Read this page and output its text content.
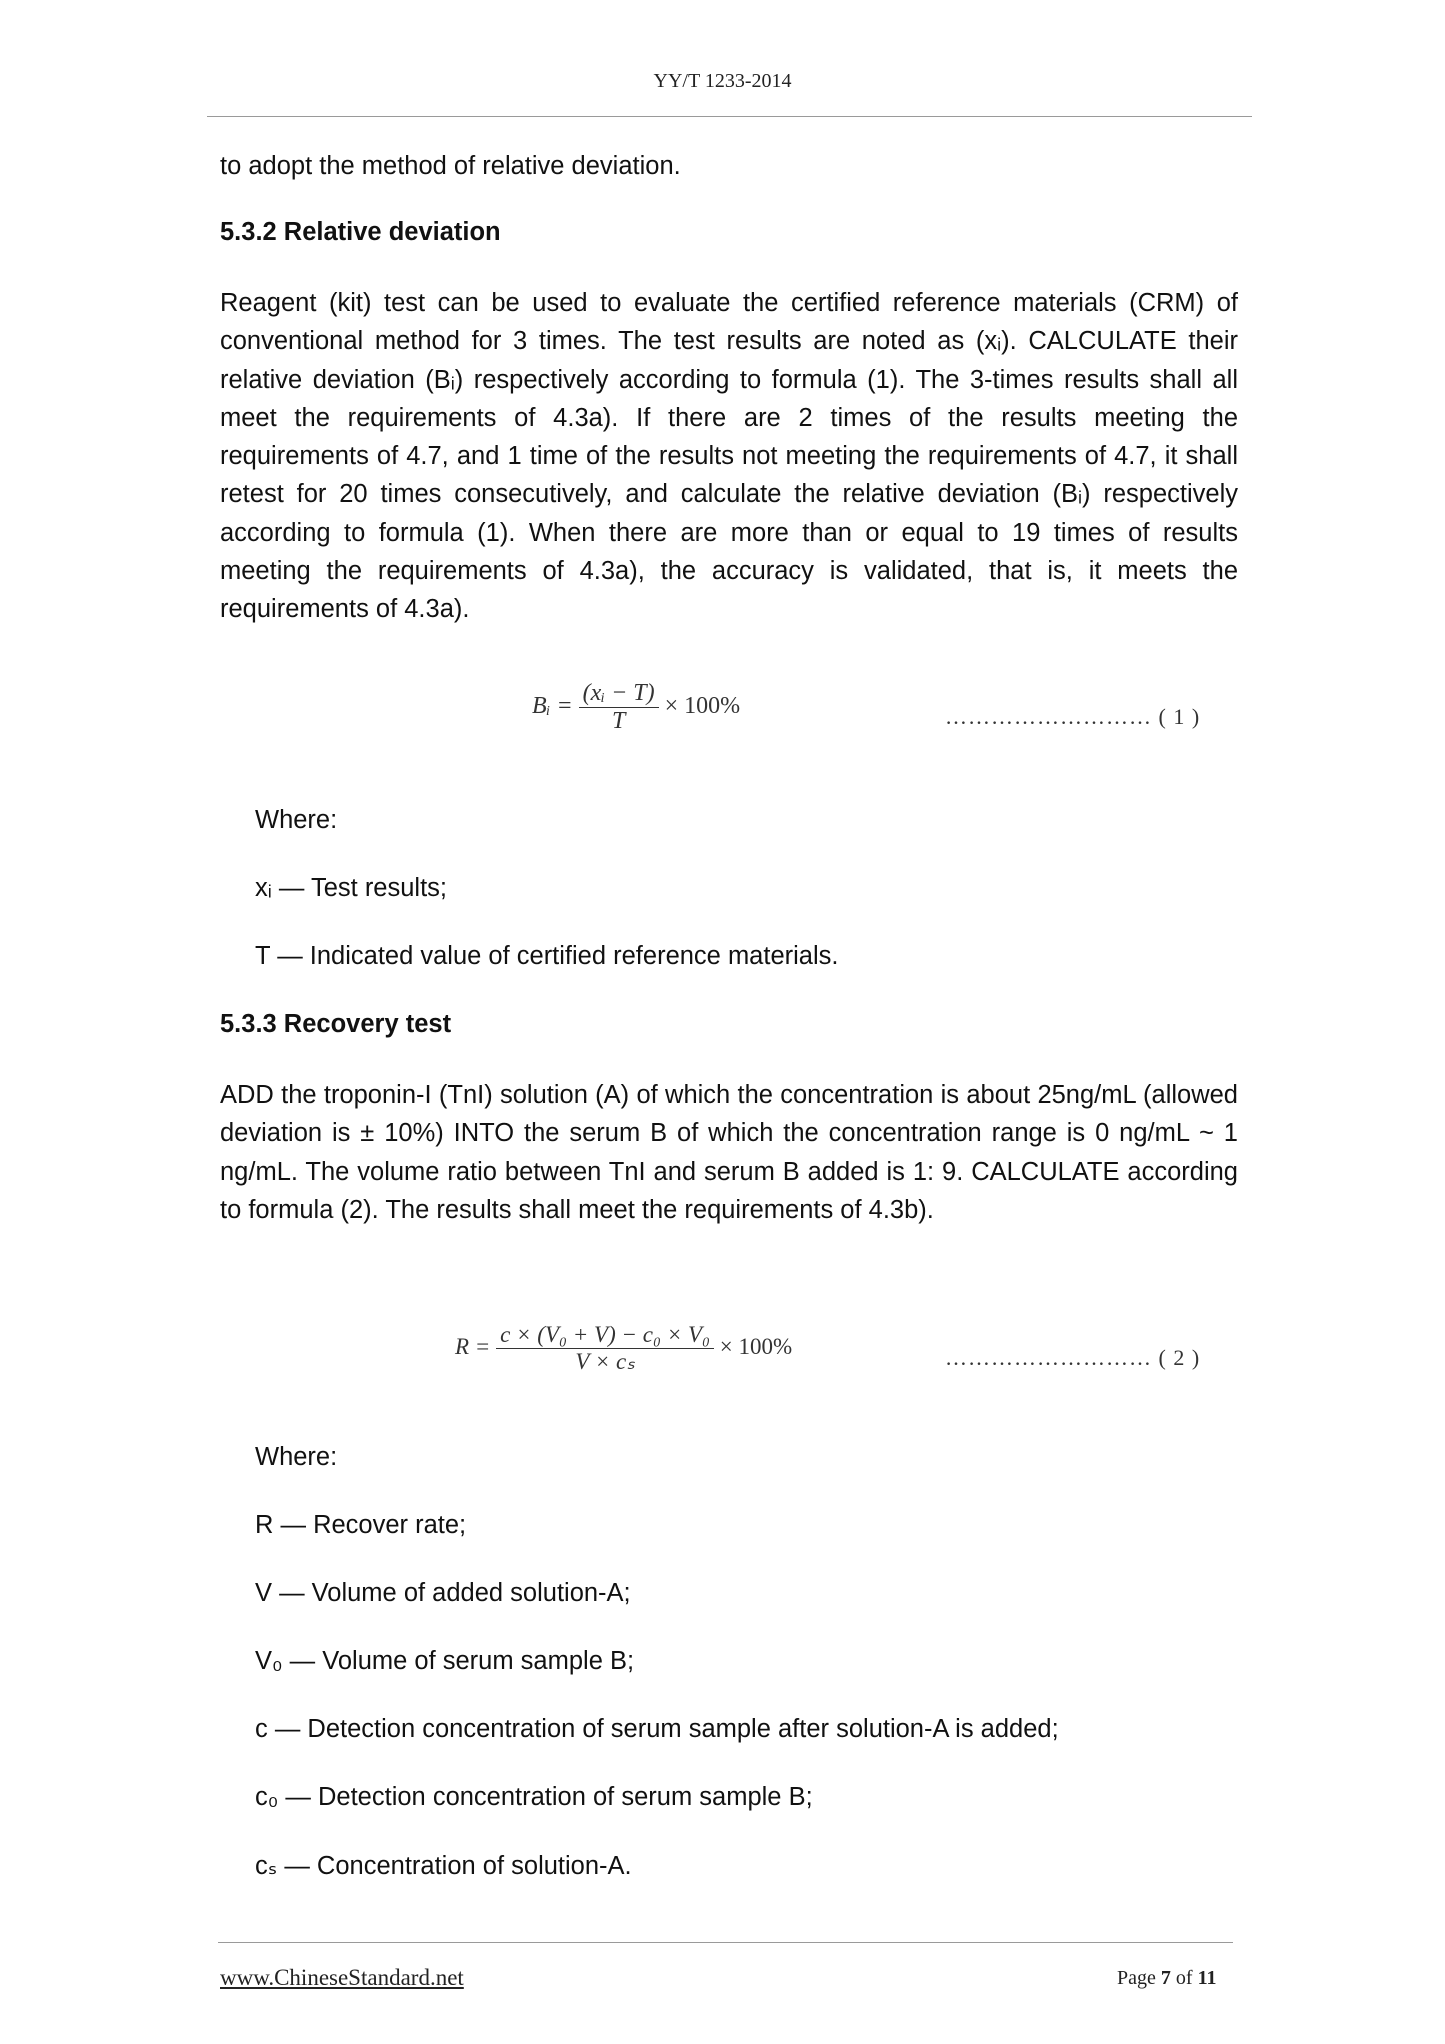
YY/T 1233-2014

to adopt the method of relative deviation.

5.3.2 Relative deviation

Reagent (kit) test can be used to evaluate the certified reference materials (CRM) of conventional method for 3 times. The test results are noted as (xᵢ). CALCULATE their relative deviation (Bᵢ) respectively according to formula (1). The 3-times results shall all meet the requirements of 4.3a). If there are 2 times of the results meeting the requirements of 4.7, and 1 time of the results not meeting the requirements of 4.7, it shall retest for 20 times consecutively, and calculate the relative deviation (Bᵢ) respectively according to formula (1). When there are more than or equal to 19 times of results meeting the requirements of 4.3a), the accuracy is validated, that is, it meets the requirements of 4.3a).

Bᵢ = $\frac{\text{(xᵢ − T)}}{T} \times 100\%$	……………………… ( 1 )

Where:

xᵢ — Test results;

T — Indicated value of certified reference materials.

5.3.3 Recovery test

ADD the troponin-I (TnI) solution (A) of which the concentration is about 25ng/mL (allowed deviation is ± 10%) INTO the serum B of which the concentration range is 0 ng/mL ~ 1 ng/mL. The volume ratio between TnI and serum B added is 1: 9. CALCULATE according to formula (2). The results shall meet the requirements of 4.3b).

$R = \frac{\text{c × (V₀ + V) − c₀ × V₀}}{\text{V × cₛ}} \times 100\%$	……………………… ( 2 )

Where:

R — Recover rate;

V — Volume of added solution-A;

V₀ — Volume of serum sample B;

c — Detection concentration of serum sample after solution-A is added;

c₀ — Detection concentration of serum sample B;

cₛ — Concentration of solution-A.

www.ChineseStandard.net	Page 7 of 11
